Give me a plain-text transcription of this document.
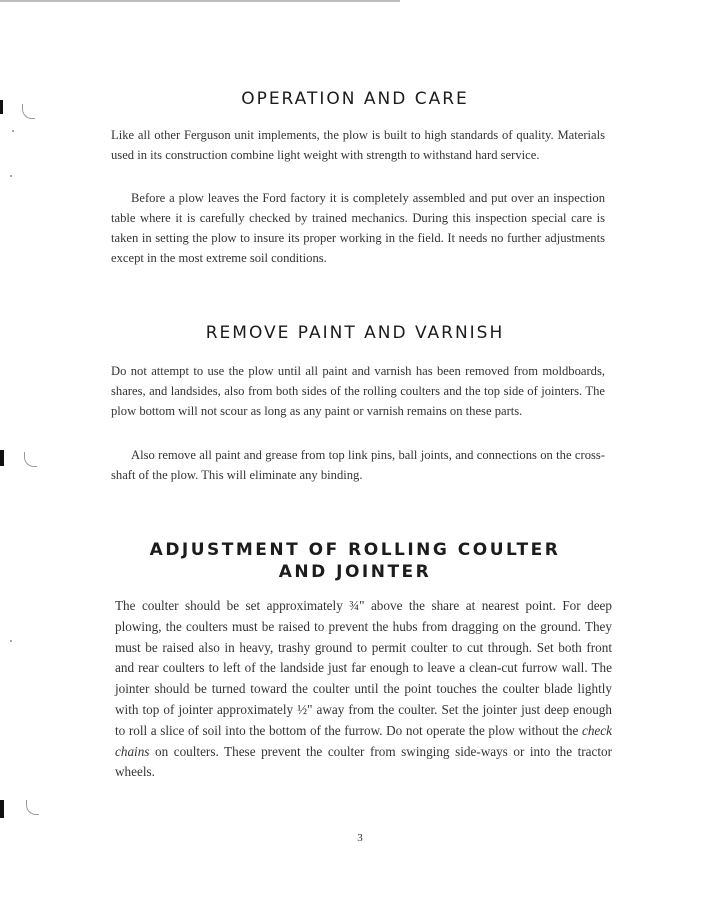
OPERATION AND CARE

Like all other Ferguson unit implements, the plow is built to high standards of quality. Materials used in its construction combine light weight with strength to withstand hard service.

Before a plow leaves the Ford factory it is completely assembled and put over an inspection table where it is carefully checked by trained mechanics. During this inspection special care is taken in setting the plow to insure its proper working in the field. It needs no further adjustments except in the most extreme soil conditions.

REMOVE PAINT AND VARNISH

Do not attempt to use the plow until all paint and varnish has been removed from moldboards, shares, and landsides, also from both sides of the rolling coulters and the top side of jointers. The plow bottom will not scour as long as any paint or varnish remains on these parts.

Also remove all paint and grease from top link pins, ball joints, and connections on the cross-shaft of the plow. This will eliminate any binding.

ADJUSTMENT OF ROLLING COULTER
AND JOINTER

The coulter should be set approximately ¾" above the share at nearest point. For deep plowing, the coulters must be raised to prevent the hubs from dragging on the ground. They must be raised also in heavy, trashy ground to permit coulter to cut through. Set both front and rear coulters to left of the landside just far enough to leave a clean-cut furrow wall. The jointer should be turned toward the coulter until the point touches the coulter blade lightly with top of jointer approximately ½" away from the coulter. Set the jointer just deep enough to roll a slice of soil into the bottom of the furrow. Do not operate the plow without the check chains on coulters. These prevent the coulter from swinging side-ways or into the tractor wheels.

3
